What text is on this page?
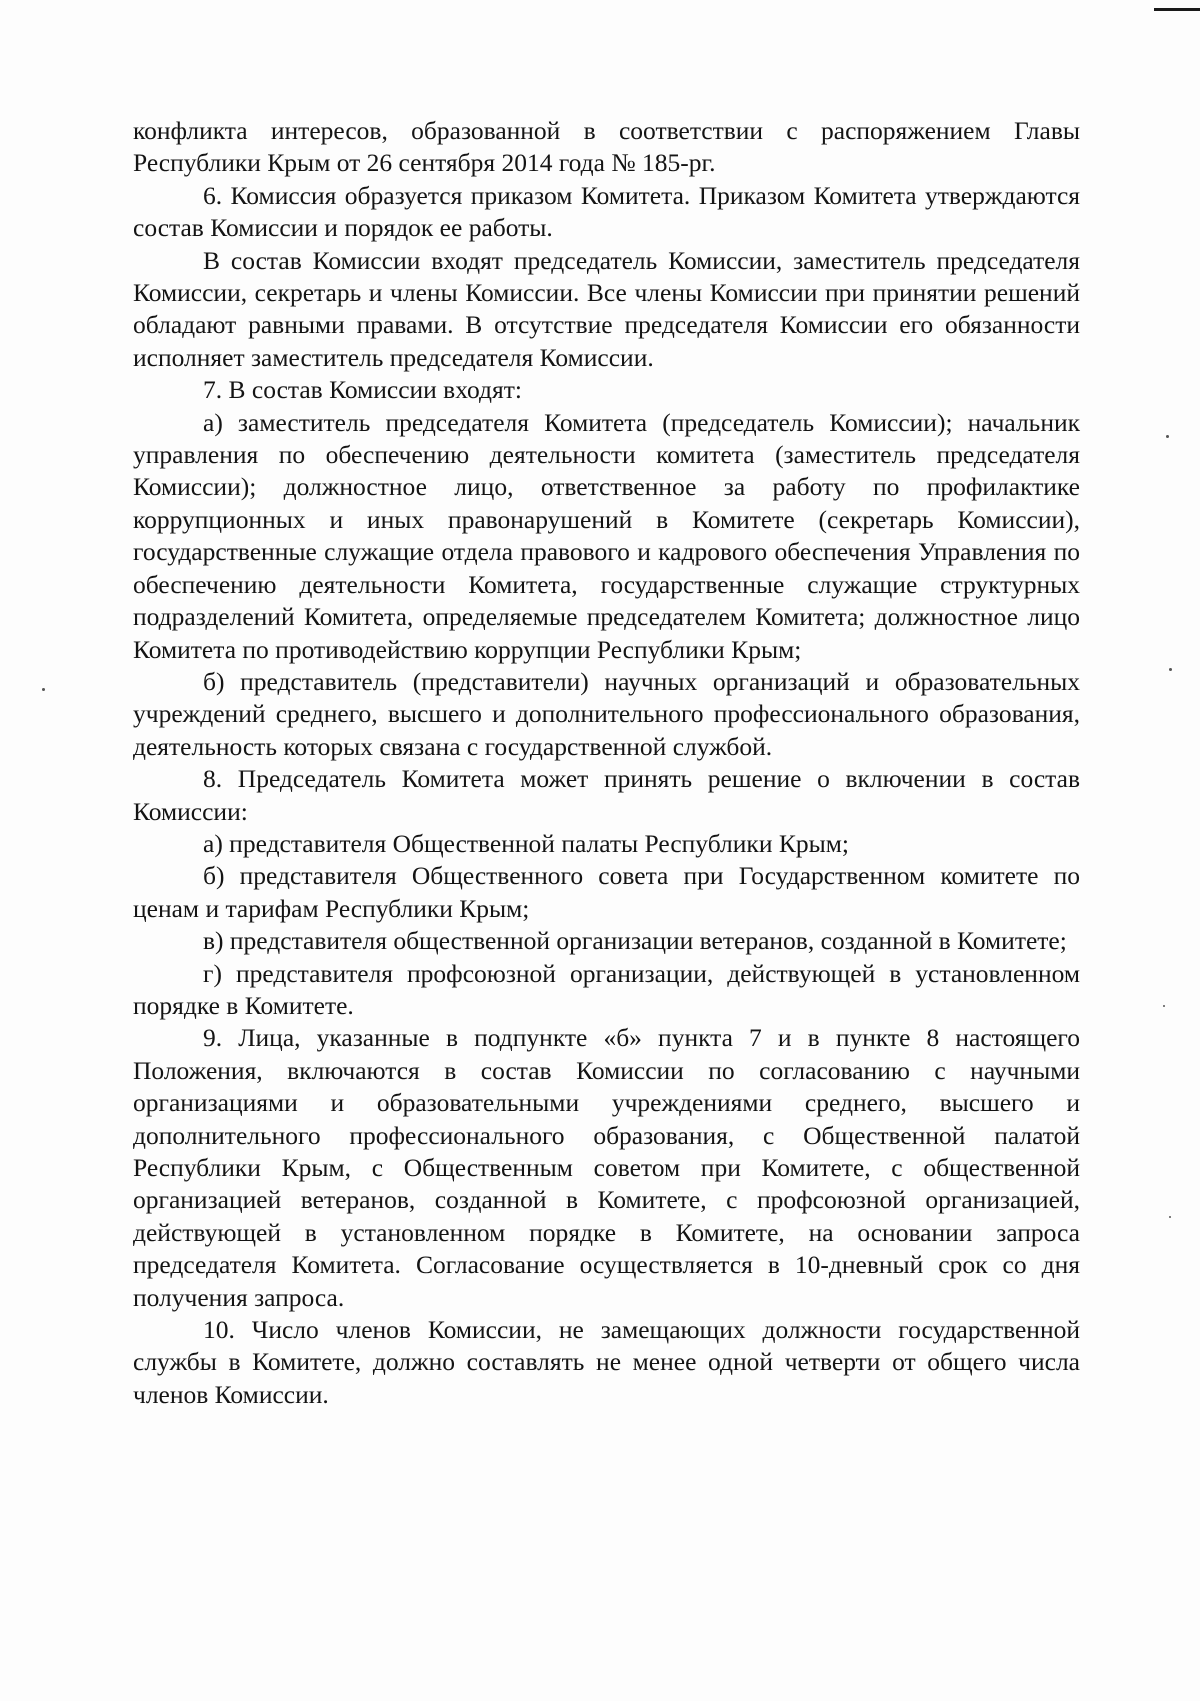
конфликта интересов, образованной в соответствии с распоряжением Главы Республики Крым от 26 сентября 2014 года № 185-рг.

6. Комиссия образуется приказом Комитета. Приказом Комитета утверждаются состав Комиссии и порядок ее работы.

В состав Комиссии входят председатель Комиссии, заместитель председателя Комиссии, секретарь и члены Комиссии. Все члены Комиссии при принятии решений обладают равными правами. В отсутствие председателя Комиссии его обязанности исполняет заместитель председателя Комиссии.

7. В состав Комиссии входят:

а) заместитель председателя Комитета (председатель Комиссии); начальник управления по обеспечению деятельности комитета (заместитель председателя Комиссии); должностное лицо, ответственное за работу по профилактике коррупционных и иных правонарушений в Комитете (секретарь Комиссии), государственные служащие отдела правового и кадрового обеспечения Управления по обеспечению деятельности Комитета, государственные служащие структурных подразделений Комитета, определяемые председателем Комитета; должностное лицо Комитета по противодействию коррупции Республики Крым;

б) представитель (представители) научных организаций и образовательных учреждений среднего, высшего и дополнительного профессионального образования, деятельность которых связана с государственной службой.

8. Председатель Комитета может принять решение о включении в состав Комиссии:

а) представителя Общественной палаты Республики Крым;

б) представителя Общественного совета при Государственном комитете по ценам и тарифам Республики Крым;

в) представителя общественной организации ветеранов, созданной в Комитете;

г) представителя профсоюзной организации, действующей в установленном порядке в Комитете.

9. Лица, указанные в подпункте «б» пункта 7 и в пункте 8 настоящего Положения, включаются в состав Комиссии по согласованию с научными организациями и образовательными учреждениями среднего, высшего и дополнительного профессионального образования, с Общественной палатой Республики Крым, с Общественным советом при Комитете, с общественной организацией ветеранов, созданной в Комитете, с профсоюзной организацией, действующей в установленном порядке в Комитете, на основании запроса председателя Комитета. Согласование осуществляется в 10-дневный срок со дня получения запроса.

10. Число членов Комиссии, не замещающих должности государственной службы в Комитете, должно составлять не менее одной четверти от общего числа членов Комиссии.
